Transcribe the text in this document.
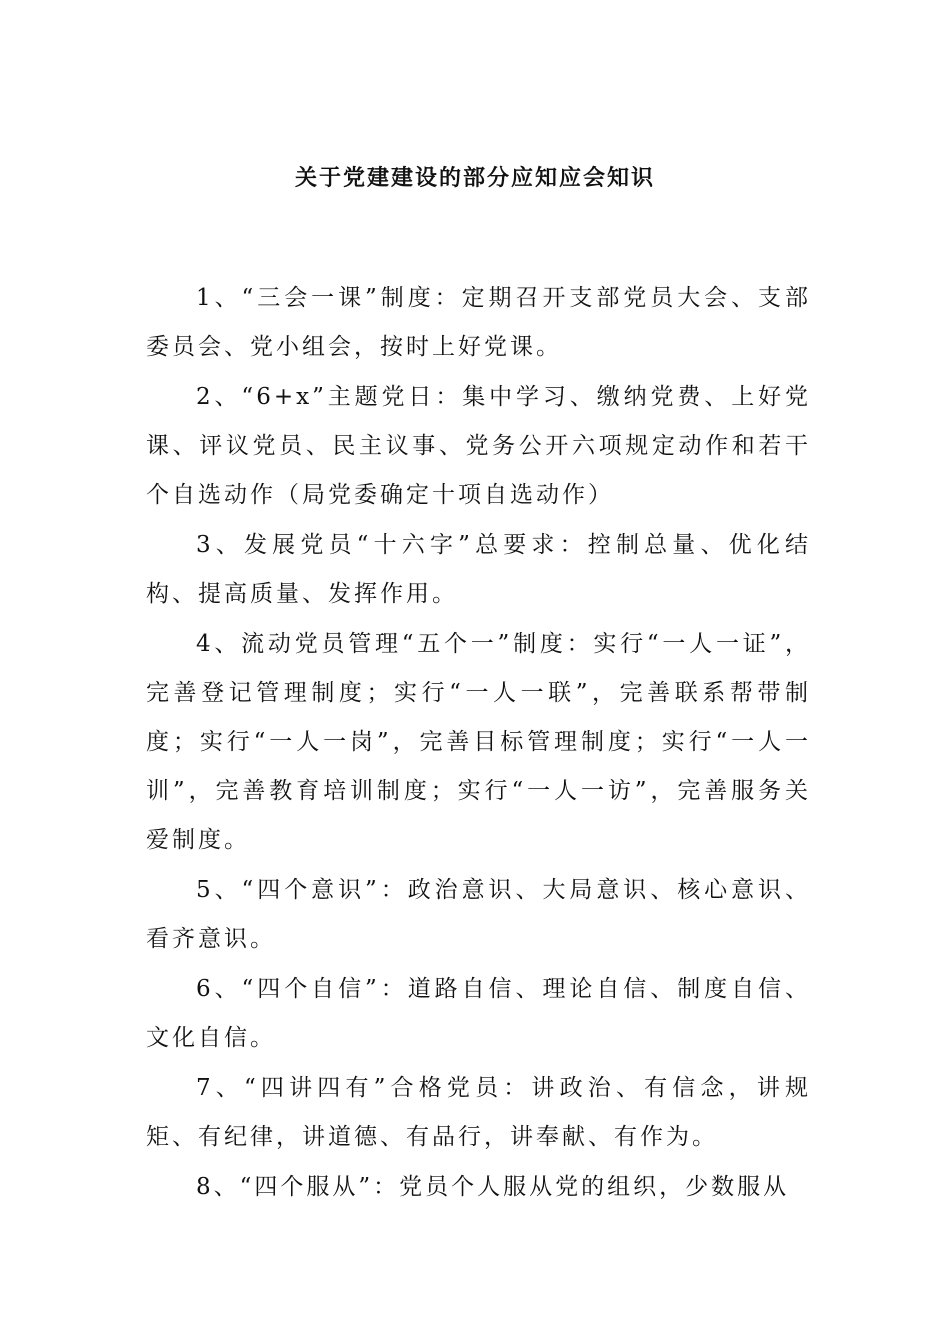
关于党建建设的部分应知应会知识

1、“三会一课”制度：定期召开支部党员大会、支部委员会、党小组会，按时上好党课。

2、“6+x”主题党日：集中学习、缴纳党费、上好党课、评议党员、民主议事、党务公开六项规定动作和若干个自选动作（局党委确定十项自选动作）

3、发展党员“十六字”总要求：控制总量、优化结构、提高质量、发挥作用。

4、流动党员管理“五个一”制度：实行“一人一证”，完善登记管理制度；实行“一人一联”，完善联系帮带制度；实行“一人一岗”，完善目标管理制度；实行“一人一训”，完善教育培训制度；实行“一人一访”，完善服务关爱制度。

5、“四个意识”：政治意识、大局意识、核心意识、看齐意识。

6、“四个自信”：道路自信、理论自信、制度自信、文化自信。

7、“四讲四有”合格党员：讲政治、有信念，讲规矩、有纪律，讲道德、有品行，讲奉献、有作为。

8、“四个服从”：党员个人服从党的组织，少数服从
